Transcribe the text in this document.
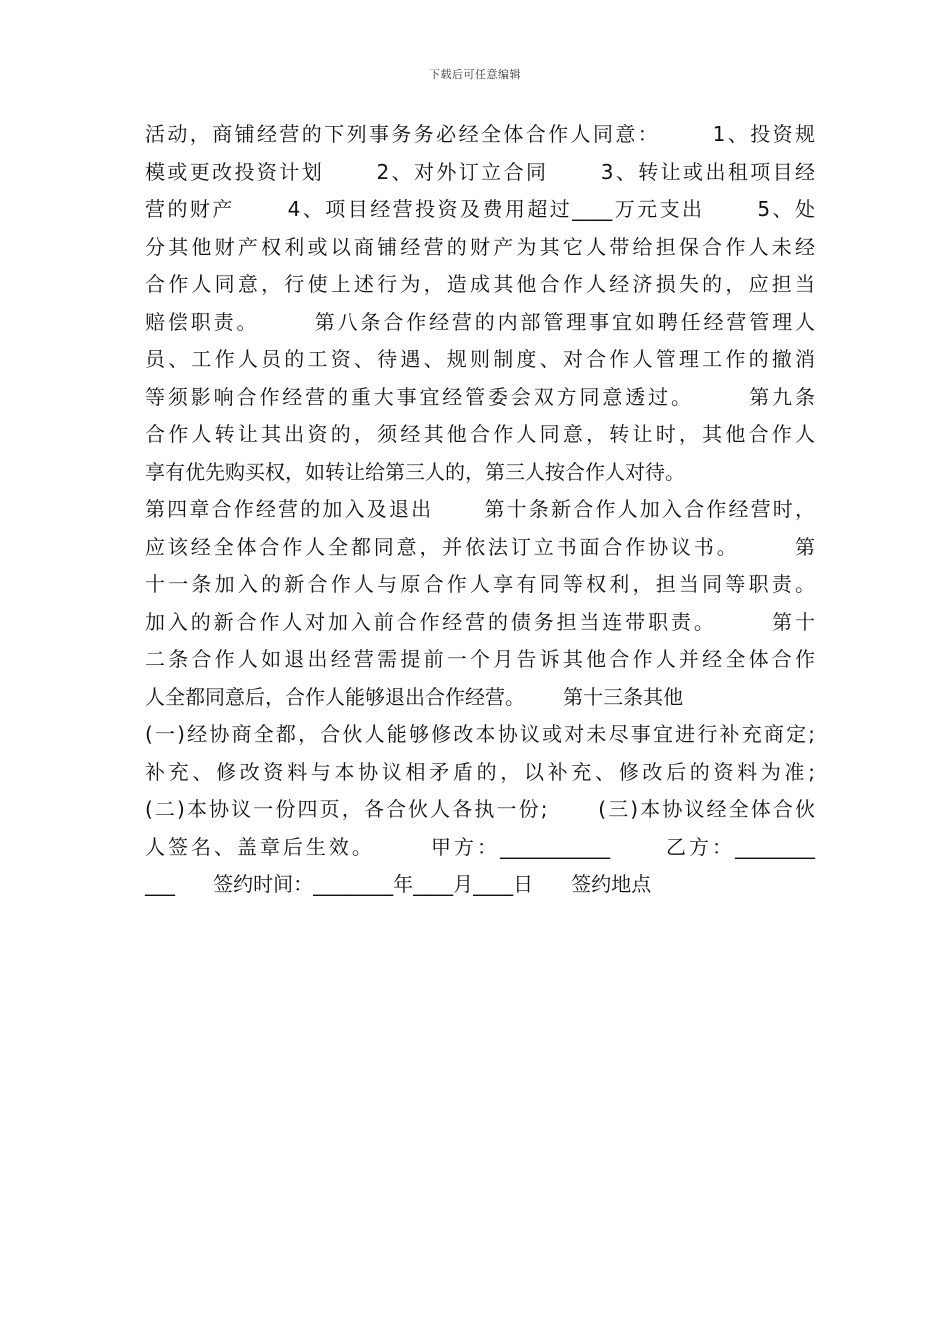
下载后可任意编辑
活动，商铺经营的下列事务务必经全体合作人同意：      1、投资规
模或更改投资计划      2、对外订立合同      3、转让或出租项目经
营的财产      4、项目经营投资及费用超过____万元支出      5、处
分其他财产权利或以商铺经营的财产为其它人带给担保合作人未经
合作人同意，行使上述行为，造成其他合作人经济损失的，应担当
赔偿职责。      第八条合作经营的内部管理事宜如聘任经营管理人
员、工作人员的工资、待遇、规则制度、对合作人管理工作的撤消
等须影响合作经营的重大事宜经管委会双方同意透过。      第九条
合作人转让其出资的，须经其他合作人同意，转让时，其他合作人
享有优先购买权，如转让给第三人的，第三人按合作人对待。
第四章合作经营的加入及退出      第十条新合作人加入合作经营时，
应该经全体合作人全都同意，并依法订立书面合作协议书。      第
十一条加入的新合作人与原合作人享有同等权利，担当同等职责。
加入的新合作人对加入前合作经营的债务担当连带职责。      第十
二条合作人如退出经营需提前一个月告诉其他合作人并经全体合作
人全都同意后，合作人能够退出合作经营。      第十三条其他
(一)经协商全都，合伙人能够修改本协议或对未尽事宜进行补充商定;
补充、修改资料与本协议相矛盾的，以补充、修改后的资料为准;
(二)本协议一份四页，各合伙人各执一份;      (三)本协议经全体合伙
人签名、盖章后生效。      甲方：___________      乙方：________
___      签约时间：________年____月____日      签约地点
